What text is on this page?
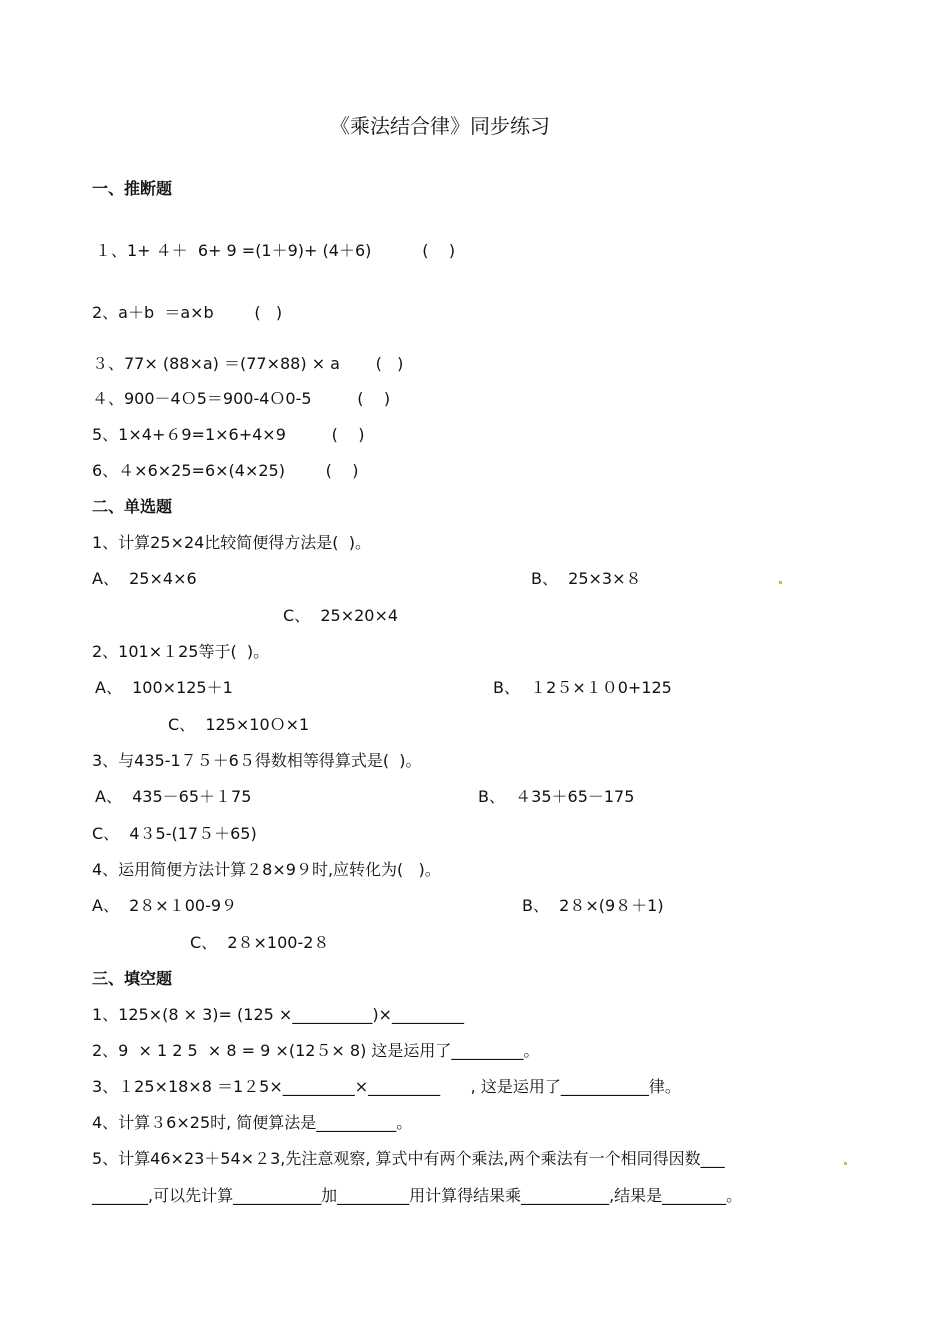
《乘法结合律》同步练习
一、推断题
１、1+ ４＋  6+ 9 =(1＋9)+ (4＋6)          (    )
2、a＋b  ＝a×b        (   )
３、77× (88×a) ＝(77×88) × a       (   )
４、900－4Ｏ5＝900-4Ｏ0-5         (    )
5、1×4+６9=1×6+4×9         (    )
6、４×6×25=6×(4×25)        (    )
二、单选题
1、计算25×24比较简便得方法是(  )。
A、  25×4×6	B、  25×3×８
C、  25×20×4
2、101×１25等于(  )。
A、  100×125＋1	B、  １2５×１０0+125
C、  125×10Ｏ×1
3、与435-1７５＋6５得数相等得算式是(  )。
A、  435－65＋１75	B、  ４35＋65－175
C、  4３5-(17５＋65)
4、运用简便方法计算２8×9９时,应转化为(   )。
A、  2８×１00-9９	B、  2８×(9８＋1)
C、  2８×100-2８
三、填空题
1、125×(8 × 3)= (125 ×__________)×_________
2、9  × 1 2 5  × 8 = 9 ×(12５× 8) 这是运用了_________。
3、１25×18×8 ＝1２5×_________×_________      , 这是运用了___________律。
4、计算３6×25时, 简便算法是__________。
5、计算46×23＋54×２3,先注意观察, 算式中有两个乘法,两个乘法有一个相同得因数___
_______,可以先计算___________加_________用计算得结果乘___________,结果是________。
